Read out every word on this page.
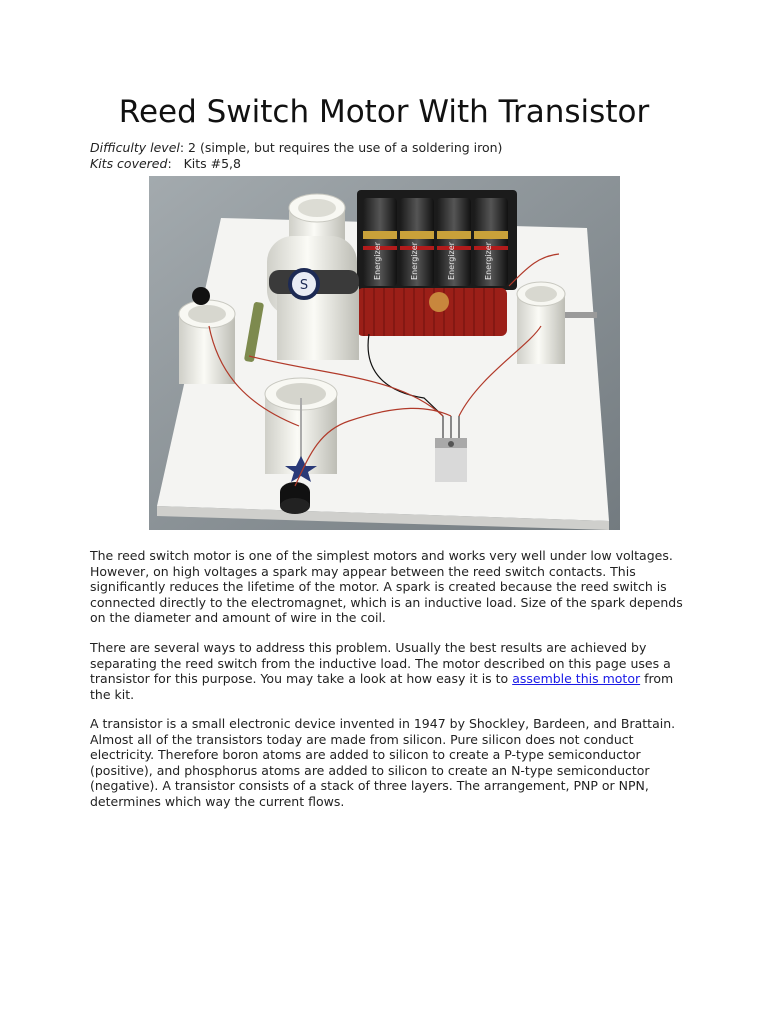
Reed Switch Motor With Transistor
Difficulty level: 2 (simple, but requires the use of a soldering iron)
Kits covered:   Kits #5,8
Energizer	Energizer	Energizer	Energizer
S

The reed switch motor is one of the simplest motors and works very well under low voltages. However, on high voltages a spark may appear between the reed switch contacts. This significantly reduces the lifetime of the motor. A spark is created because the reed switch is connected directly to the electromagnet, which is an inductive load. Size of the spark depends on the diameter and amount of wire in the coil.

There are several ways to address this problem. Usually the best results are achieved by separating the reed switch from the inductive load. The motor described on this page uses a transistor for this purpose. You may take a look at how easy it is to assemble this motor from the kit.

A transistor is a small electronic device invented in 1947 by Shockley, Bardeen, and Brattain. Almost all of the transistors today are made from silicon. Pure silicon does not conduct electricity. Therefore boron atoms are added to silicon to create a P-type semiconductor (positive), and phosphorus atoms are added to silicon to create an N-type semiconductor (negative). A transistor consists of a stack of three layers. The arrangement, PNP or NPN, determines which way the current flows.
